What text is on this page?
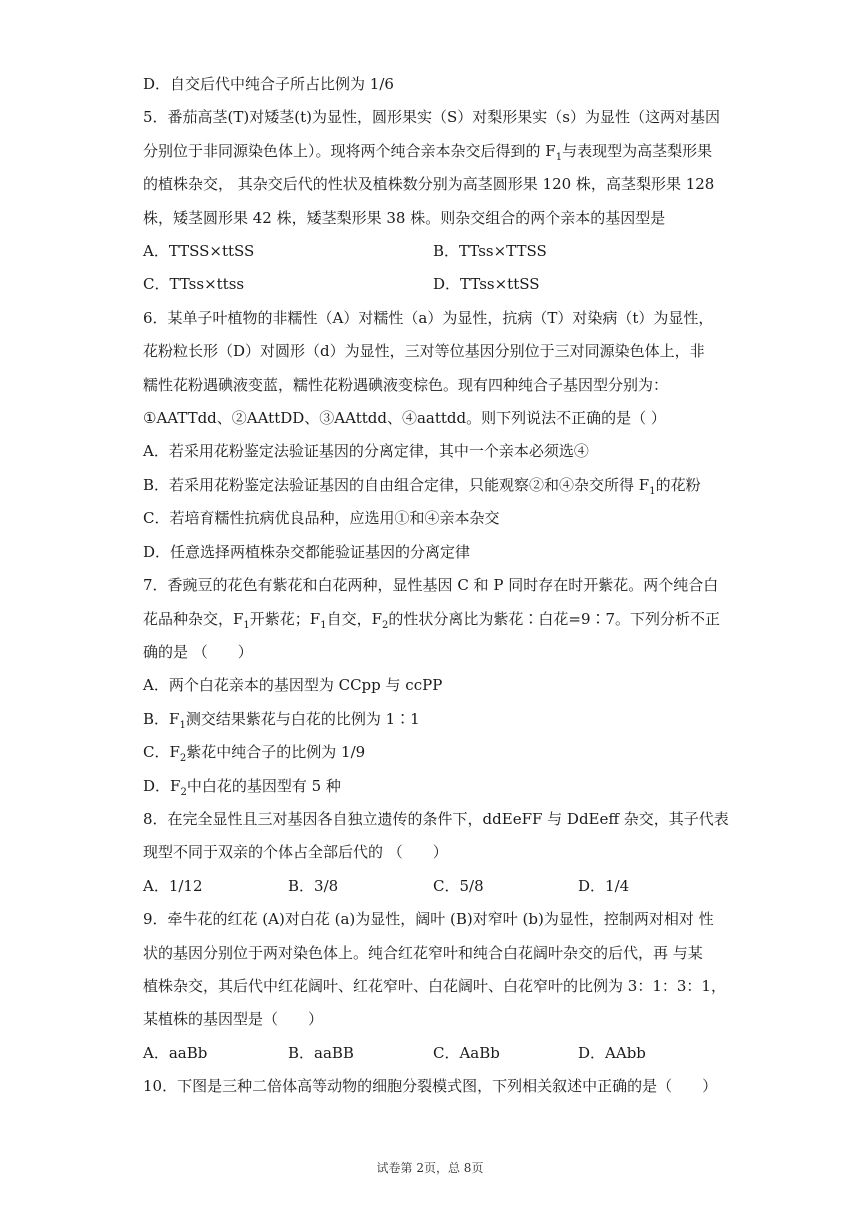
D．自交后代中纯合子所占比例为 1/6
5．番茄高茎(T)对矮茎(t)为显性，圆形果实（S）对梨形果实（s）为显性（这两对基因
分别位于非同源染色体上）。现将两个纯合亲本杂交后得到的 $F_1$与表现型为高茎梨形果
的植株杂交， 其杂交后代的性状及植株数分别为高茎圆形果 120 株，高茎梨形果 128
株，矮茎圆形果 42 株，矮茎梨形果 38 株。则杂交组合的两个亲本的基因型是
A．TTSS×ttSS	B．TTss×TTSS
C．TTss×ttss	D．TTss×ttSS
6．某单子叶植物的非糯性（A）对糯性（a）为显性，抗病（T）对染病（t）为显性，
花粉粒长形（D）对圆形（d）为显性，三对等位基因分别位于三对同源染色体上，非
糯性花粉遇碘液变蓝，糯性花粉遇碘液变棕色。现有四种纯合子基因型分别为：
①AATTdd、②AAttDD、③AAttdd、④aattdd。则下列说法不正确的是（ ）
A．若采用花粉鉴定法验证基因的分离定律，其中一个亲本必须选④
B．若采用花粉鉴定法验证基因的自由组合定律，只能观察②和④杂交所得 $F_1$的花粉
C．若培育糯性抗病优良品种，应选用①和④亲本杂交
D．任意选择两植株杂交都能验证基因的分离定律
7．香豌豆的花色有紫花和白花两种，显性基因 C 和 P 同时存在时开紫花。两个纯合白
花品种杂交，$F_1$开紫花；$F_1$自交，$F_2$的性状分离比为紫花∶白花=9∶7。下列分析不正
确的是 （　　）
A．两个白花亲本的基因型为 CCpp 与 ccPP
B．$F_1$测交结果紫花与白花的比例为 1∶1
C．$F_2$紫花中纯合子的比例为 1/9
D．$F_2$中白花的基因型有 5 种
8．在完全显性且三对基因各自独立遗传的条件下，ddEeFF 与 DdEeff 杂交，其子代表
现型不同于双亲的个体占全部后代的 （　　）
A．1/12	B．3/8	C．5/8	D．1/4
9．牵牛花的红花 (A)对白花 (a)为显性，阔叶 (B)对窄叶 (b)为显性，控制两对相对 性
状的基因分别位于两对染色体上。纯合红花窄叶和纯合白花阔叶杂交的后代，再 与某
植株杂交，其后代中红花阔叶、红花窄叶、白花阔叶、白花窄叶的比例为 3：1：3：1，
某植株的基因型是（　　）
A．aaBb	B．aaBB	C．AaBb	D．AAbb
10．下图是三种二倍体高等动物的细胞分裂模式图，下列相关叙述中正确的是（　　）
试卷第 2页，总 8页
